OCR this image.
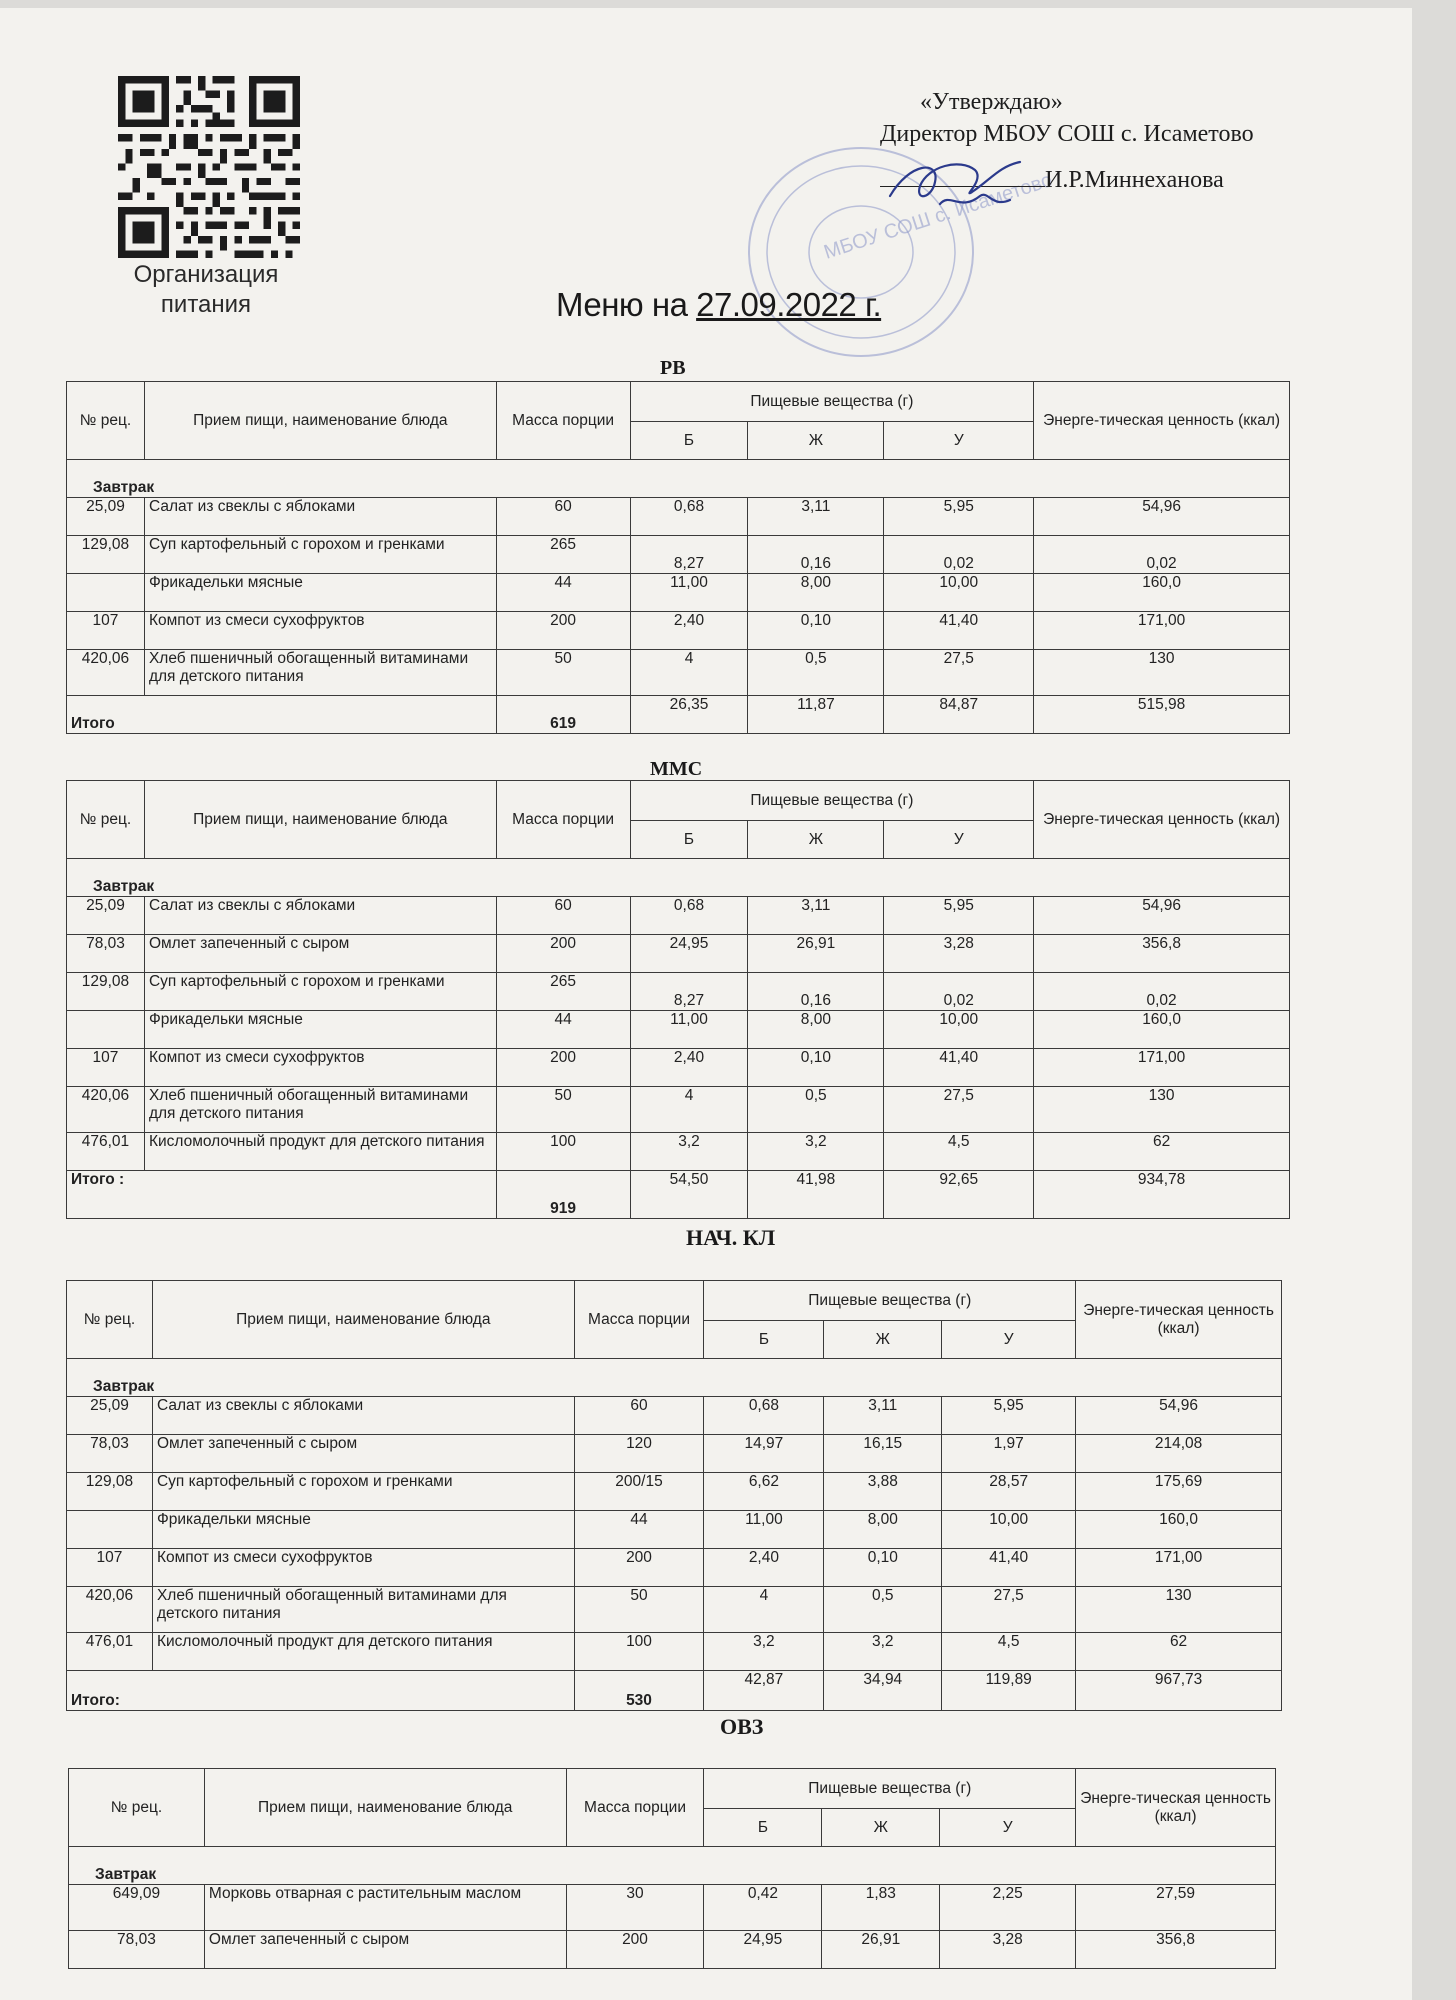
Организация питания
МБОУ СОШ с. Исаметово
«Утверждаю»
Директор МБОУ СОШ с. Исаметово
И.Р.Миннеханова
Меню на 27.09.2022 г.
РВ
№ рец.	Прием пищи, наименование блюда	Масса порции	Пищевые вещества (г)			Энерге-тическая ценность (ккал)
			Б	Ж	У	
Завтрак						
25,09	Салат из свеклы с яблоками	60	0,68	3,11	5,95	54,96
129,08	Суп картофельный с горохом и гренками	265	8,27	0,16	0,02	0,02
	Фрикадельки мясные	44	11,00	8,00	10,00	160,0
107	Компот из смеси сухофруктов	200	2,40	0,10	41,40	171,00
420,06	Хлеб пшеничный обогащенный витаминами для детского питания	50	4	0,5	27,5	130
Итого		619	26,35	11,87	84,87	515,98
ММС
№ рец.	Прием пищи, наименование блюда	Масса порции	Пищевые вещества (г)			Энерге-тическая ценность (ккал)
			Б	Ж	У	
Завтрак						
25,09	Салат из свеклы с яблоками	60	0,68	3,11	5,95	54,96
78,03	Омлет запеченный с сыром	200	24,95	26,91	3,28	356,8
129,08	Суп картофельный с горохом и гренками	265	8,27	0,16	0,02	0,02
	Фрикадельки мясные	44	11,00	8,00	10,00	160,0
107	Компот из смеси сухофруктов	200	2,40	0,10	41,40	171,00
420,06	Хлеб пшеничный обогащенный витаминами для детского питания	50	4	0,5	27,5	130
476,01	Кисломолочный продукт для детского питания	100	3,2	3,2	4,5	62
Итого :		919	54,50	41,98	92,65	934,78
НАЧ. КЛ
№ рец.	Прием пищи, наименование блюда	Масса порции	Пищевые вещества (г)			Энерге-тическая ценность (ккал)
			Б	Ж	У	
Завтрак						
25,09	Салат из свеклы с яблоками	60	0,68	3,11	5,95	54,96
78,03	Омлет запеченный с сыром	120	14,97	16,15	1,97	214,08
129,08	Суп картофельный с горохом и гренками	200/15	6,62	3,88	28,57	175,69
	Фрикадельки мясные	44	11,00	8,00	10,00	160,0
107	Компот из смеси сухофруктов	200	2,40	0,10	41,40	171,00
420,06	Хлеб пшеничный обогащенный витаминами для детского питания	50	4	0,5	27,5	130
476,01	Кисломолочный продукт для детского питания	100	3,2	3,2	4,5	62
Итого:		530	42,87	34,94	119,89	967,73
ОВЗ
№ рец.	Прием пищи, наименование блюда	Масса порции	Пищевые вещества (г)			Энерге-тическая ценность (ккал)
			Б	Ж	У	
Завтрак						
649,09	Морковь отварная с растительным маслом	30	0,42	1,83	2,25	27,59
78,03	Омлет запеченный с сыром	200	24,95	26,91	3,28	356,8
